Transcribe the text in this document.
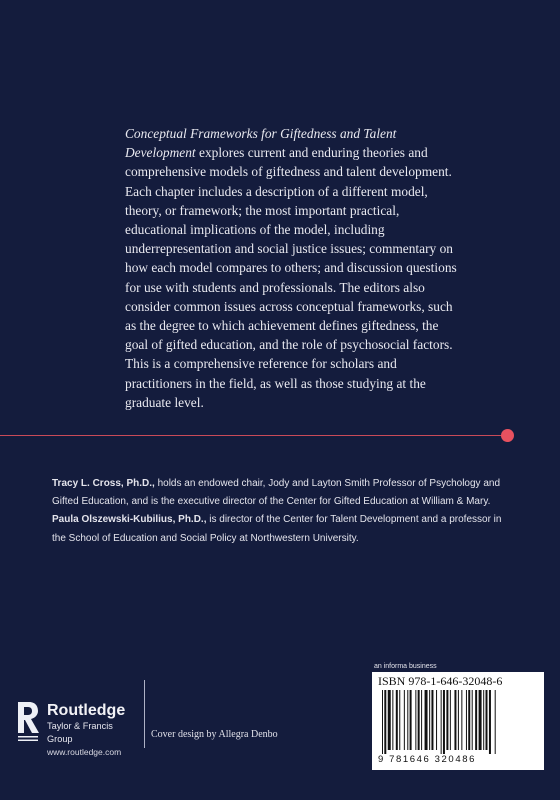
Conceptual Frameworks for Giftedness and Talent Development explores current and enduring theories and comprehensive models of giftedness and talent development. Each chapter includes a description of a different model, theory, or framework; the most important practical, educational implications of the model, including underrepresentation and social justice issues; commentary on how each model compares to others; and discussion questions for use with students and professionals. The editors also consider common issues across conceptual frameworks, such as the degree to which achievement defines giftedness, the goal of gifted education, and the role of psychosocial factors. This is a comprehensive reference for scholars and practitioners in the field, as well as those studying at the graduate level.

Tracy L. Cross, Ph.D., holds an endowed chair, Jody and Layton Smith Professor of Psychology and Gifted Education, and is the executive director of the Center for Gifted Education at William & Mary. Paula Olszewski-Kubilius, Ph.D., is director of the Center for Talent Development and a professor in the School of Education and Social Policy at Northwestern University.

Routledge
Taylor & Francis Group
www.routledge.com
Cover design by Allegra Denbo
an informa business
ISBN 978-1-646-32048-6
9 781646 320486
